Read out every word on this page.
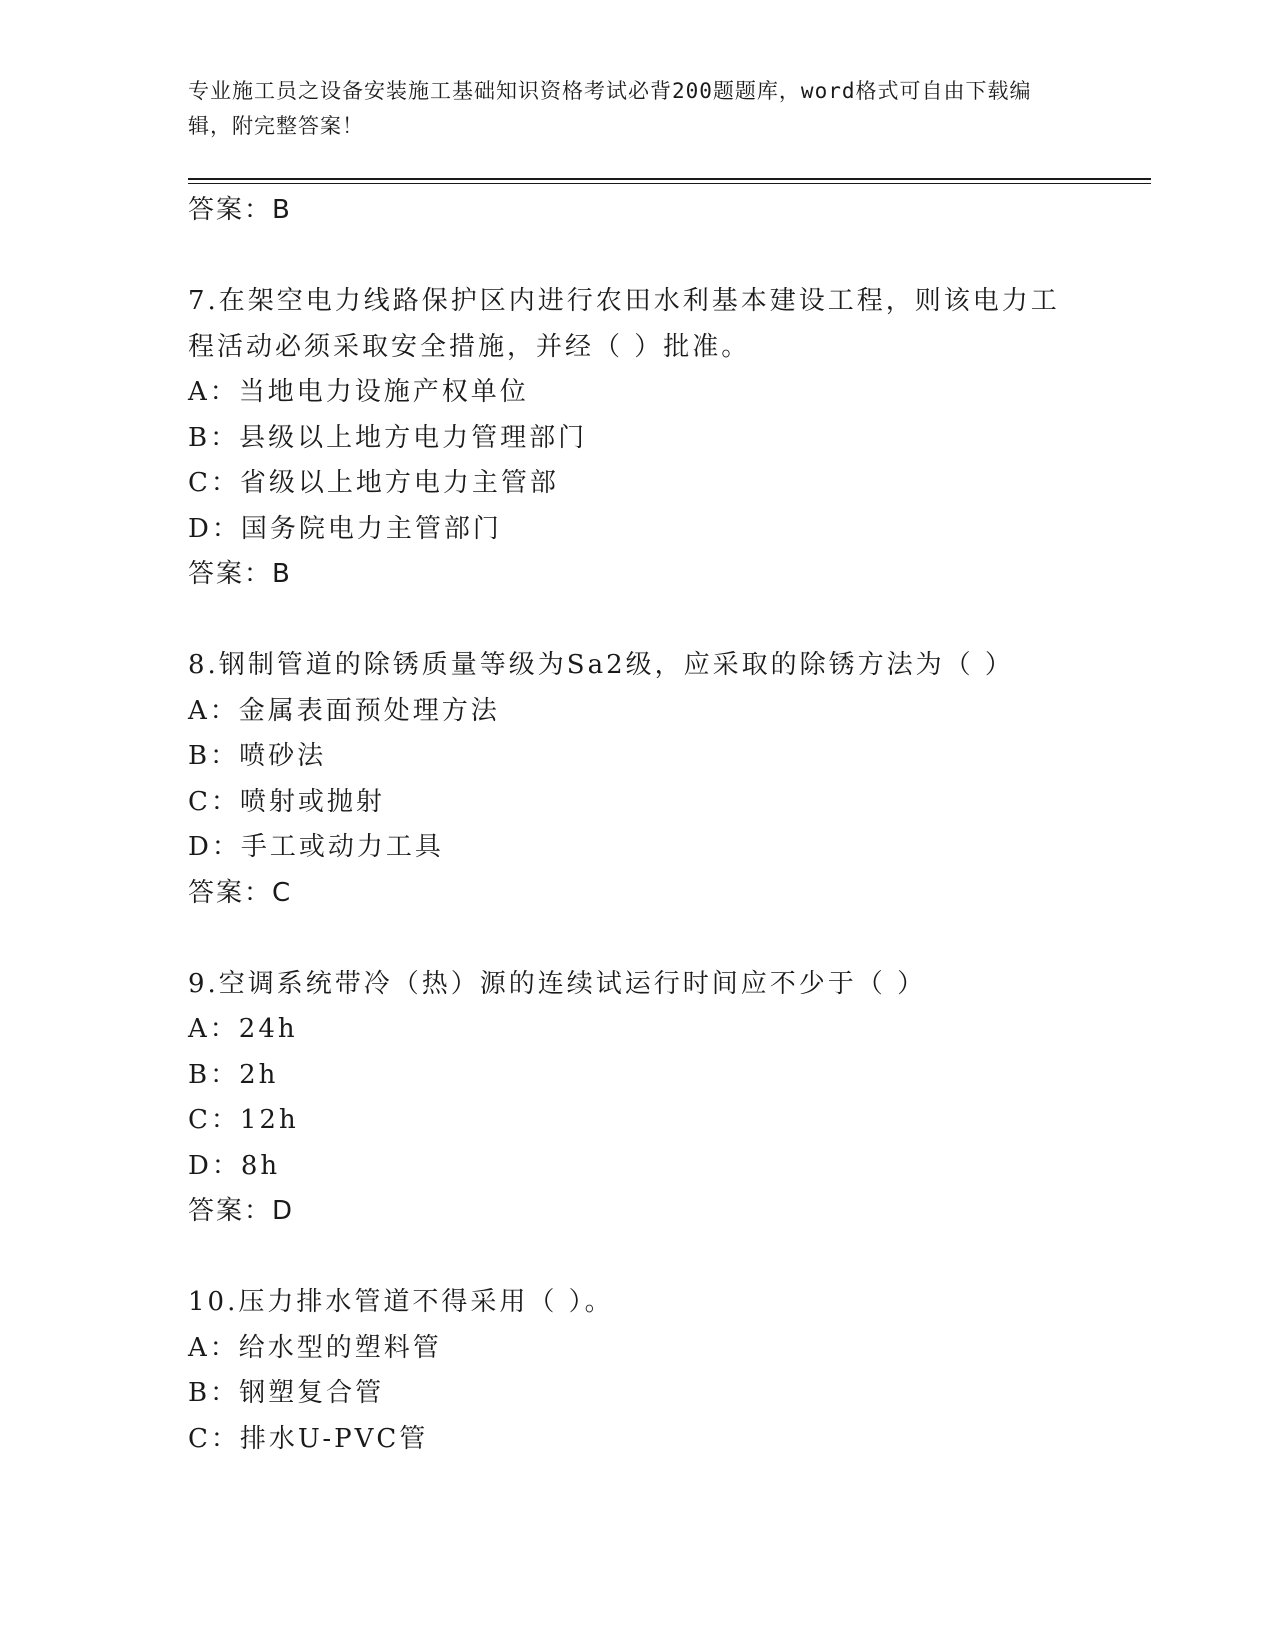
专业施工员之设备安装施工基础知识资格考试必背200题题库，word格式可自由下载编辑，附完整答案！
答案：B
7.在架空电力线路保护区内进行农田水利基本建设工程，则该电力工
程活动必须采取安全措施，并经（ ）批准。
A：当地电力设施产权单位
B：县级以上地方电力管理部门
C：省级以上地方电力主管部
D：国务院电力主管部门
答案：B
8.钢制管道的除锈质量等级为Sa2级，应采取的除锈方法为（ ）
A：金属表面预处理方法
B：喷砂法
C：喷射或抛射
D：手工或动力工具
答案：C
9.空调系统带冷（热）源的连续试运行时间应不少于（ ）
A：24h
B：2h
C：12h
D：8h
答案：D
10.压力排水管道不得采用（ ）。
A：给水型的塑料管
B：钢塑复合管
C：排水U-PVC管
